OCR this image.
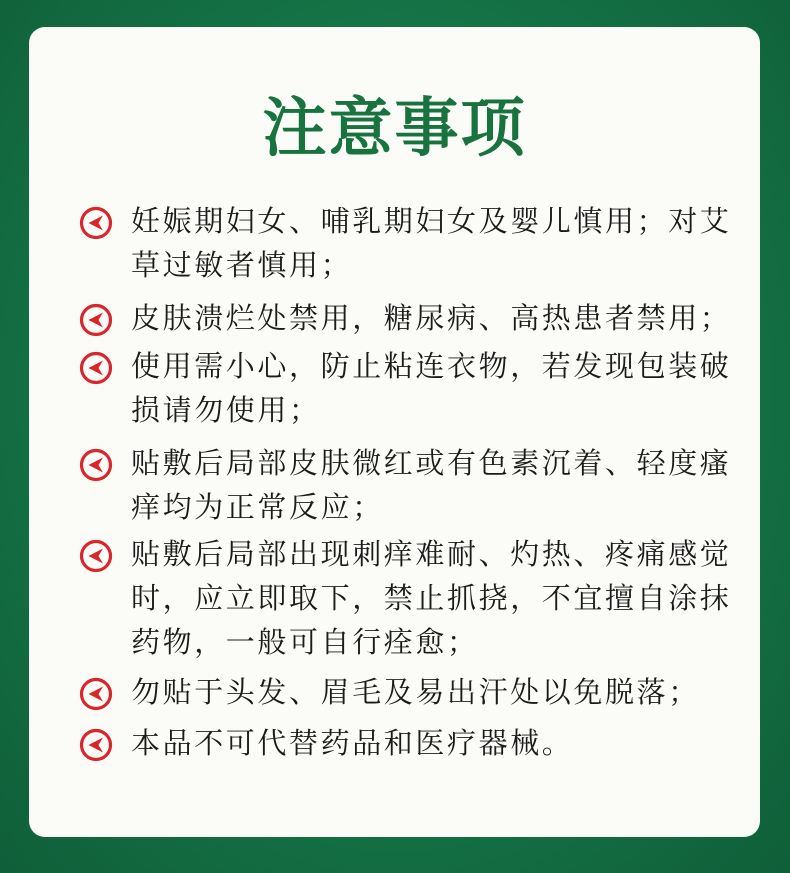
注意事项

妊娠期妇女、哺乳期妇女及婴儿慎用；对艾草过敏者慎用；

皮肤溃烂处禁用，糖尿病、高热患者禁用；

使用需小心，防止粘连衣物，若发现包装破损请勿使用；

贴敷后局部皮肤微红或有色素沉着、轻度瘙痒均为正常反应；

贴敷后局部出现刺痒难耐、灼热、疼痛感觉时，应立即取下，禁止抓挠，不宜擅自涂抹药物，一般可自行痊愈；

勿贴于头发、眉毛及易出汗处以免脱落；

本品不可代替药品和医疗器械。
